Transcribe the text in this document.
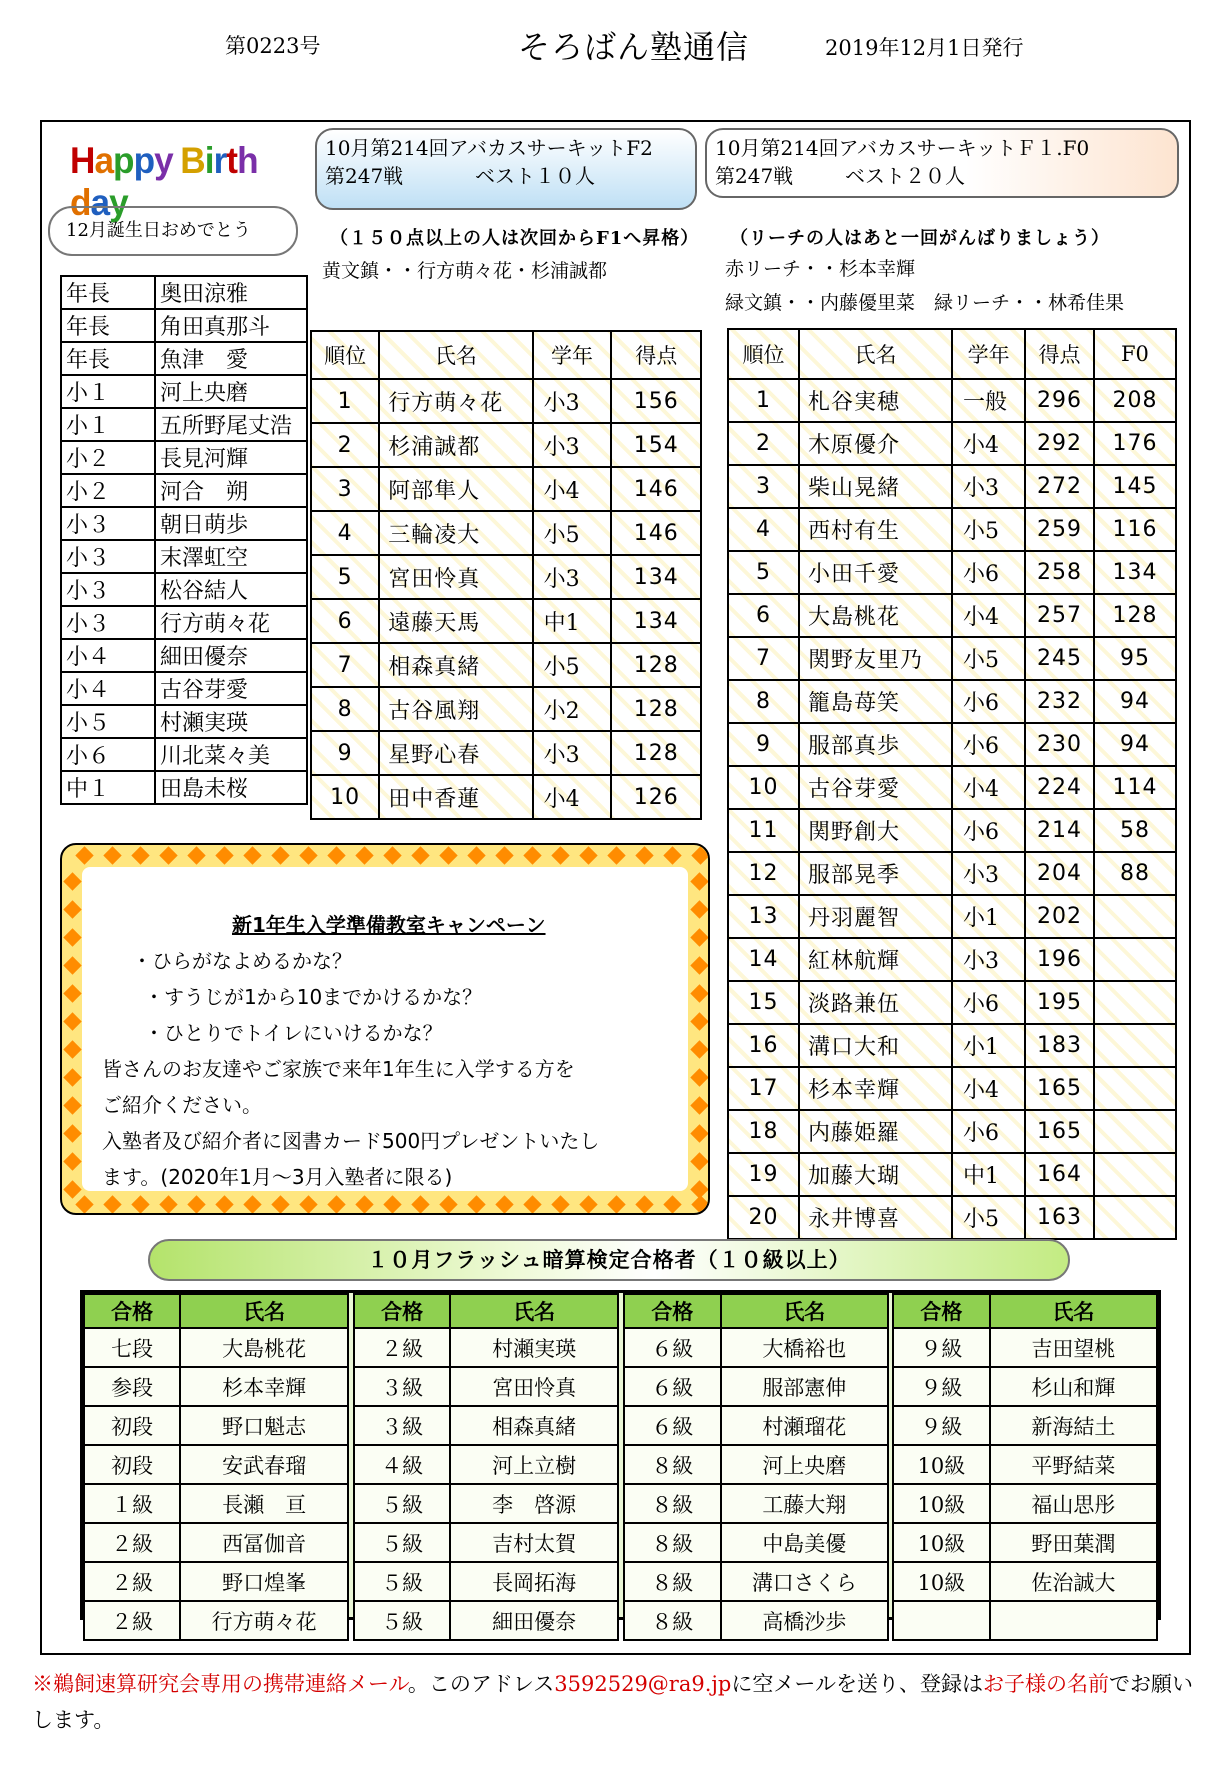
第0223号	そろばん塾通信	2019年12月1日発行
Happy Birthday
12月誕生日おめでとう
年長	奥田涼雅
年長	角田真那斗
年長	魚津　愛
小１	河上央磨
小１	五所野尾丈浩
小２	長見河輝
小２	河合　朔
小３	朝日萌歩
小３	末澤虹空
小３	松谷結人
小３	行方萌々花
小４	細田優奈
小４	古谷芽愛
小５	村瀬実瑛
小６	川北菜々美
中１	田島未桜
10月第214回アバカスサーキットF2
第247戦	ベスト１０人
（１５０点以上の人は次回からF1へ昇格）
黄文鎮・・行方萌々花・杉浦誠都
順位	氏名	学年	得点
1	行方萌々花	小3	156
2	杉浦誠都	小3	154
3	阿部隼人	小4	146
4	三輪凌大	小5	146
5	宮田怜真	小3	134
6	遠藤天馬	中1	134
7	相森真緒	小5	128
8	古谷風翔	小2	128
9	星野心春	小3	128
10	田中香蓮	小4	126
10月第214回アバカスサーキットＦ１.F0
第247戦	ベスト２０人
（リーチの人はあと一回がんばりましょう）
赤リーチ・・杉本幸輝
緑文鎮・・内藤優里菜　緑リーチ・・林希佳果
順位	氏名	学年	得点	F0
1	札谷実穂	一般	296	208
2	木原優介	小4	292	176
3	柴山晃緒	小3	272	145
4	西村有生	小5	259	116
5	小田千愛	小6	258	134
6	大島桃花	小4	257	128
7	関野友里乃	小5	245	95
8	籠島苺笑	小6	232	94
9	服部真歩	小6	230	94
10	古谷芽愛	小4	224	114
11	関野創大	小6	214	58
12	服部晃季	小3	204	88
13	丹羽麗智	小1	202	
14	紅林航輝	小3	196	
15	淡路兼伍	小6	195	
16	溝口大和	小1	183	
17	杉本幸輝	小4	165	
18	内藤姫羅	小6	165	
19	加藤大瑚	中1	164	
20	永井博喜	小5	163	
新1年生入学準備教室キャンペーン
・ひらがなよめるかな？
・すうじが1から10までかけるかな？
・ひとりでトイレにいけるかな？
皆さんのお友達やご家族で来年1年生に入学する方を
ご紹介ください。
入塾者及び紹介者に図書カード500円プレゼントいたし
ます。(2020年1月～3月入塾者に限る)
１０月フラッシュ暗算検定合格者（１０級以上）
合格	氏名
七段	大島桃花
参段	杉本幸輝
初段	野口魁志
初段	安武春瑠
１級	長瀬　亘
２級	西冨伽音
２級	野口煌峯
２級	行方萌々花
合格	氏名
２級	村瀬実瑛
３級	宮田怜真
３級	相森真緒
４級	河上立樹
５級	李　啓源
５級	吉村太賀
５級	長岡拓海
５級	細田優奈
合格	氏名
６級	大橋裕也
６級	服部憲伸
６級	村瀬瑠花
８級	河上央磨
８級	工藤大翔
８級	中島美優
８級	溝口さくら
８級	高橋沙歩
合格	氏名
９級	吉田望桃
９級	杉山和輝
９級	新海結土
10級	平野結菜
10級	福山思彤
10級	野田葉潤
10級	佐治誠大

※鵜飼速算研究会専用の携帯連絡メール。このアドレス3592529@ra9.jpに空メールを送り、登録はお子様の名前でお願いします。
